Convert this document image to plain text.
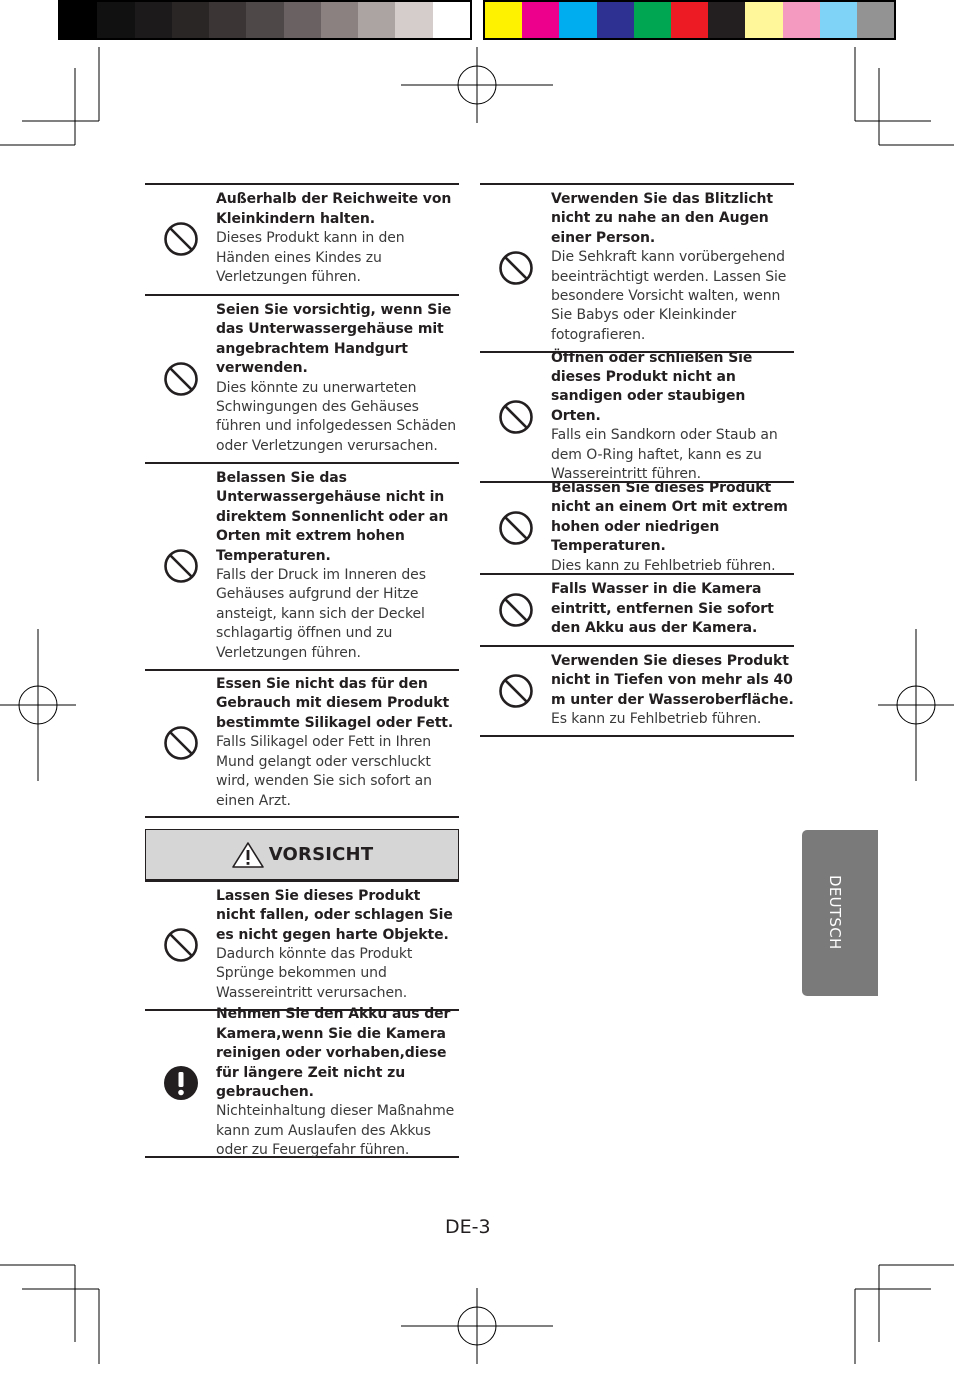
Außerhalb der Reichweite von Kleinkindern halten.
Dieses Produkt kann in den Händen eines Kindes zu Verletzungen führen.
Seien Sie vorsichtig, wenn Sie das Unterwassergehäuse mit angebrachtem Handgurt verwenden.
Dies könnte zu unerwarteten Schwingungen des Gehäuses führen und infolgedessen Schäden oder Verletzungen verursachen.
Belassen Sie das Unterwassergehäuse nicht in direktem Sonnenlicht oder an Orten mit extrem hohen Temperaturen.
Falls der Druck im Inneren des Gehäuses aufgrund der Hitze ansteigt, kann sich der Deckel schlagartig öffnen und zu Verletzungen führen.
Essen Sie nicht das für den Gebrauch mit diesem Produkt bestimmte Silikagel oder Fett.
Falls Silikagel oder Fett in Ihren Mund gelangt oder verschluckt wird, wenden Sie sich sofort an einen Arzt.
VORSICHT
Lassen Sie dieses Produkt nicht fallen, oder schlagen Sie es nicht gegen harte Objekte.
Dadurch könnte das Produkt Sprünge bekommen und Wassereintritt verursachen.
Nehmen Sie den Akku aus der Kamera,wenn Sie die Kamera reinigen oder vorhaben,diese für längere Zeit nicht zu gebrauchen.
Nichteinhaltung dieser Maßnahme kann zum Auslaufen des Akkus oder zu Feuergefahr führen.
Verwenden Sie das Blitzlicht nicht zu nahe an den Augen einer Person.
Die Sehkraft kann vorübergehend beeinträchtigt werden. Lassen Sie besondere Vorsicht walten, wenn Sie Babys oder Kleinkinder fotografieren.
Öffnen oder schließen Sie dieses Produkt nicht an sandigen oder staubigen Orten.
Falls ein Sandkorn oder Staub an dem O-Ring haftet, kann es zu Wassereintritt führen.
Belassen Sie dieses Produkt nicht an einem Ort mit extrem hohen oder niedrigen Temperaturen.
Dies kann zu Fehlbetrieb führen.
Falls Wasser in die Kamera eintritt, entfernen Sie sofort den Akku aus der Kamera.
Verwenden Sie dieses Produkt nicht in Tiefen von mehr als 40 m unter der Wasseroberfläche.
Es kann zu Fehlbetrieb führen.
DEUTSCH
DE-3
